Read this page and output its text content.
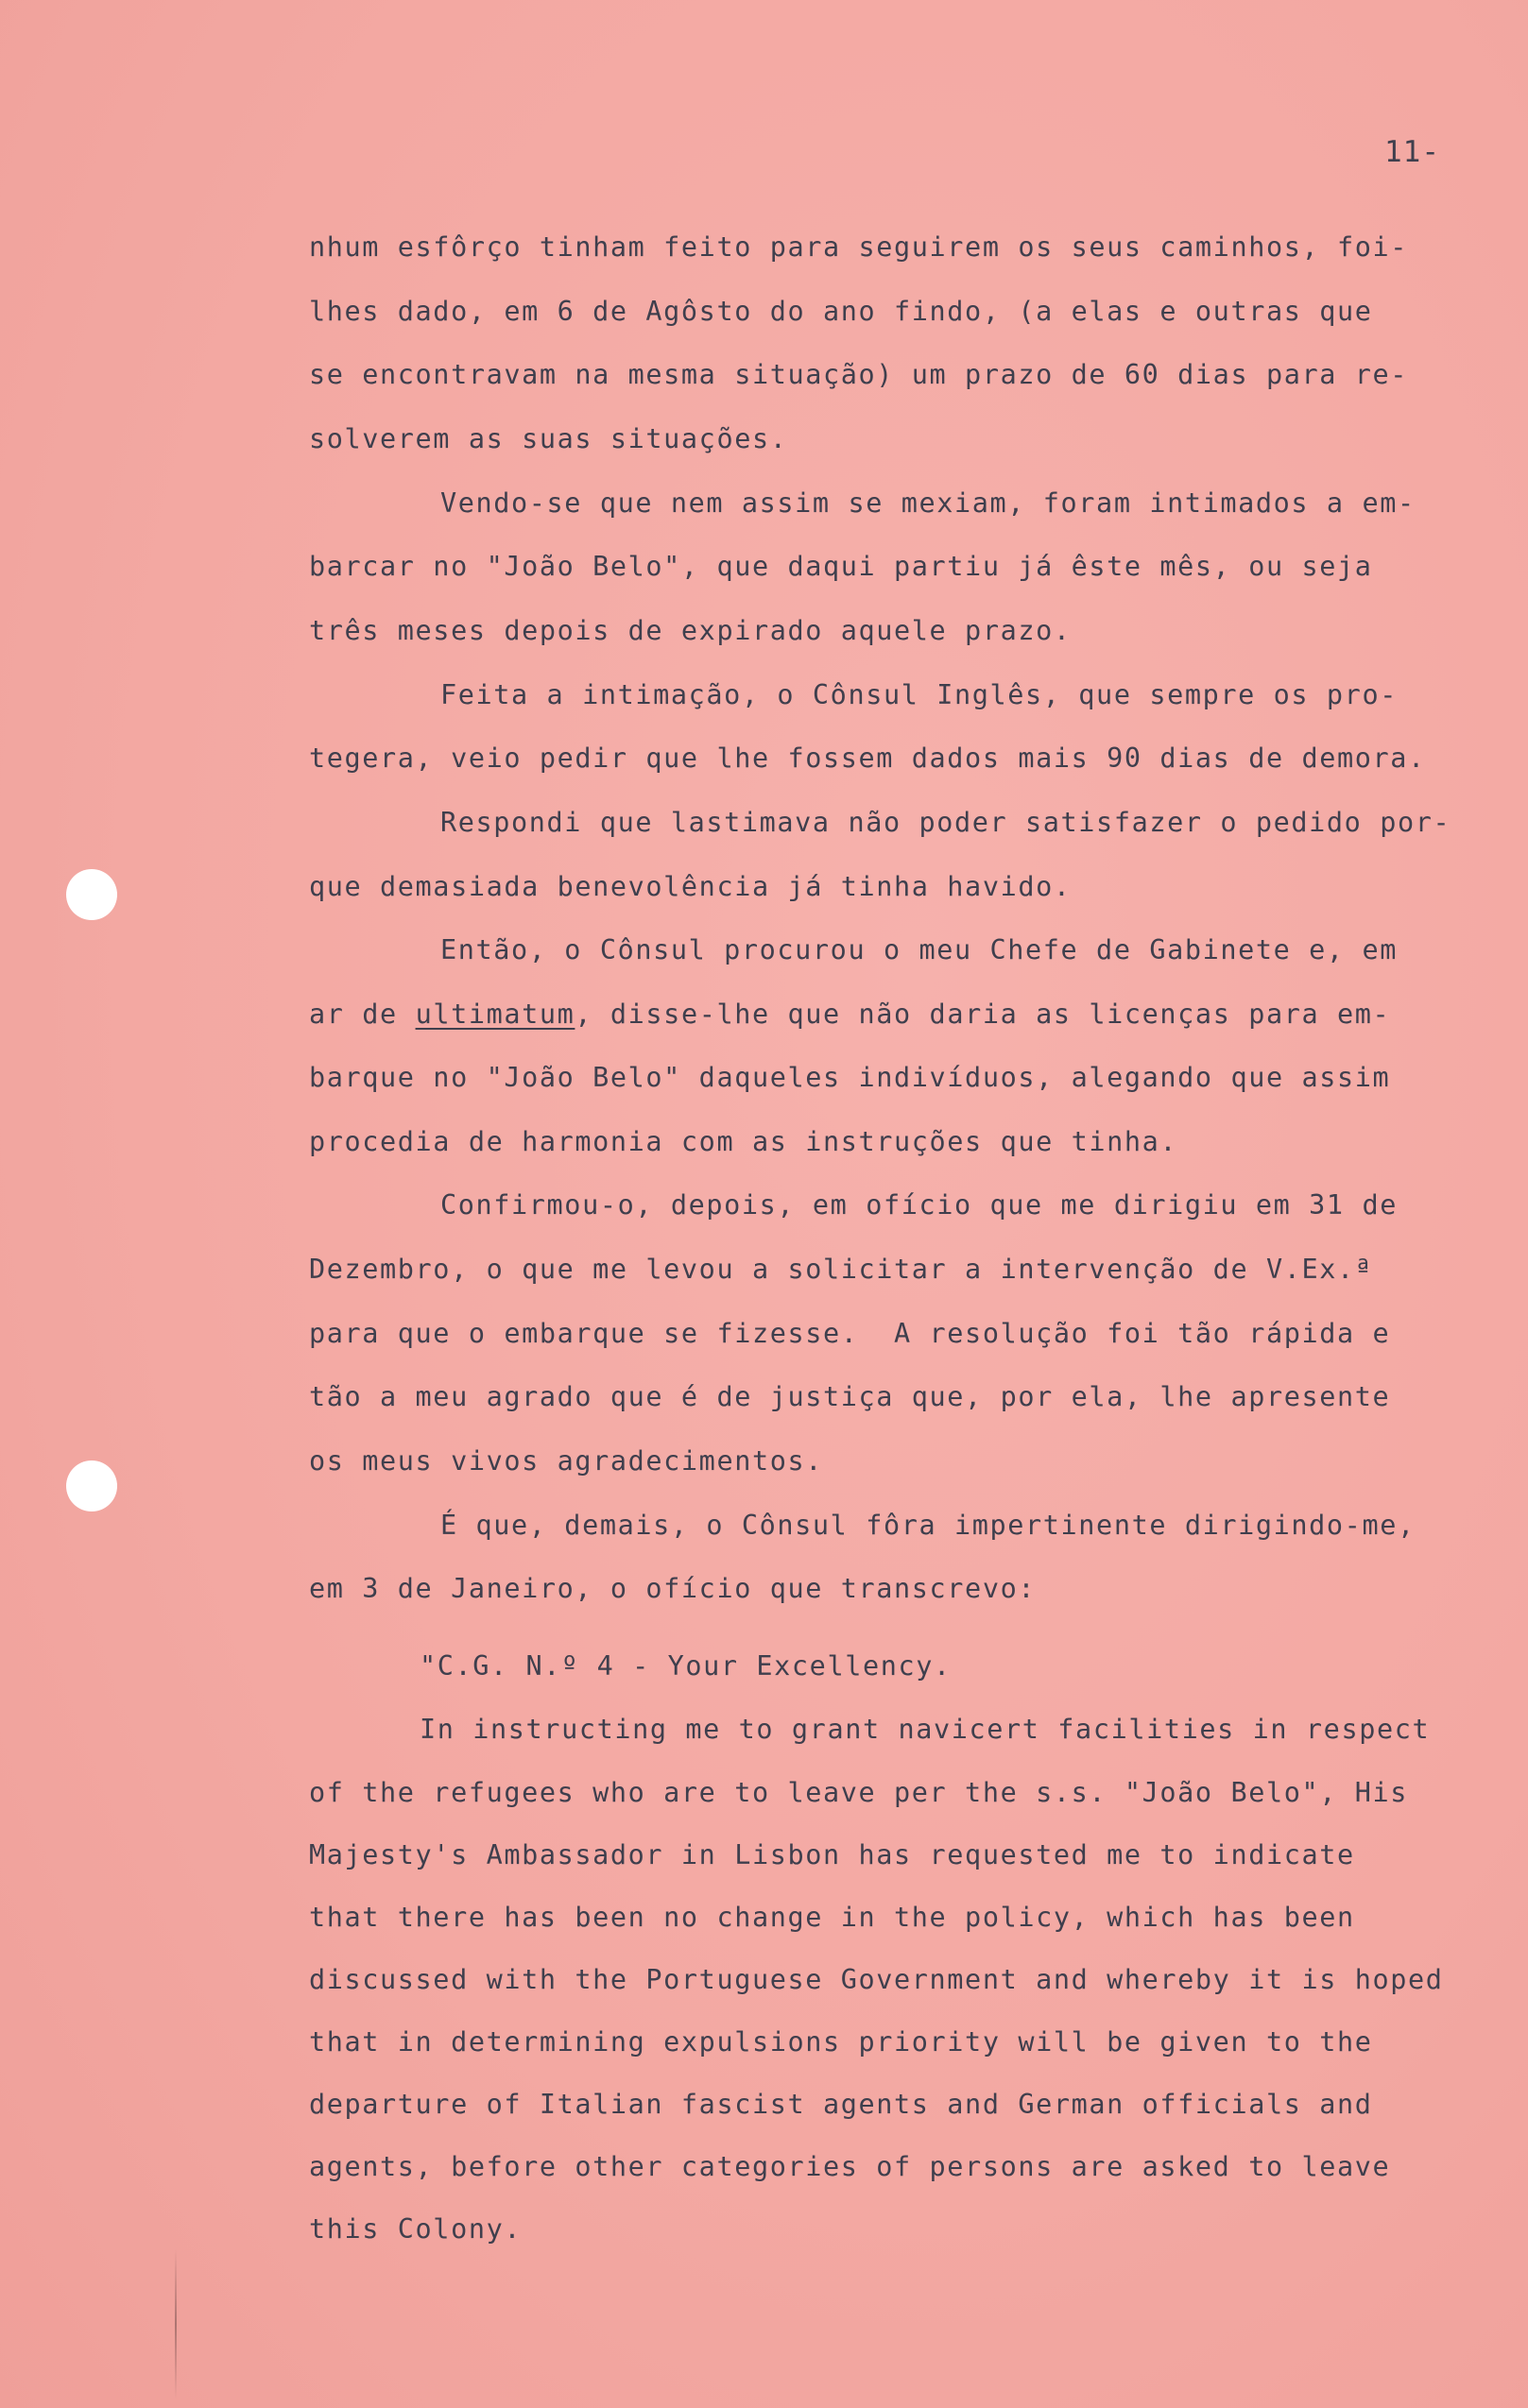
11-
nhum esfôrço tinham feito para seguirem os seus caminhos, foi-
lhes dado, em 6 de Agôsto do ano findo, (a elas e outras que
se encontravam na mesma situação) um prazo de 60 dias para re-
solverem as suas situações.
Vendo-se que nem assim se mexiam, foram intimados a em-
barcar no "João Belo", que daqui partiu já êste mês, ou seja
três meses depois de expirado aquele prazo.
Feita a intimação, o Cônsul Inglês, que sempre os pro-
tegera, veio pedir que lhe fossem dados mais 90 dias de demora.
Respondi que lastimava não poder satisfazer o pedido por-
que demasiada benevolência já tinha havido.
Então, o Cônsul procurou o meu Chefe de Gabinete e, em
ar de ultimatum, disse-lhe que não daria as licenças para em-
barque no "João Belo" daqueles indivíduos, alegando que assim
procedia de harmonia com as instruções que tinha.
Confirmou-o, depois, em ofício que me dirigiu em 31 de
Dezembro, o que me levou a solicitar a intervenção de V.Ex.ª
para que o embarque se fizesse.  A resolução foi tão rápida e
tão a meu agrado que é de justiça que, por ela, lhe apresente
os meus vivos agradecimentos.
É que, demais, o Cônsul fôra impertinente dirigindo-me,
em 3 de Janeiro, o ofício que transcrevo:
"C.G. N.º 4 - Your Excellency.
In instructing me to grant navicert facilities in respect
of the refugees who are to leave per the s.s. "João Belo", His
Majesty's Ambassador in Lisbon has requested me to indicate
that there has been no change in the policy, which has been
discussed with the Portuguese Government and whereby it is hoped
that in determining expulsions priority will be given to the
departure of Italian fascist agents and German officials and
agents, before other categories of persons are asked to leave
this Colony.
